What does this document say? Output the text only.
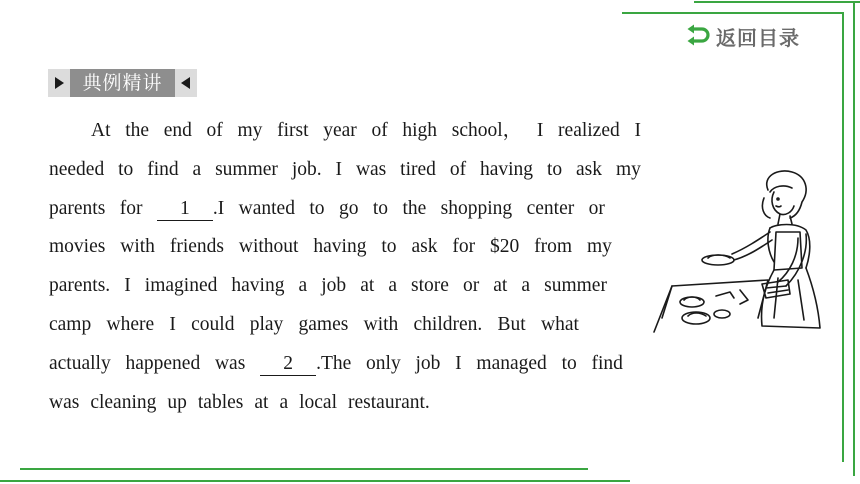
返回目录
典例精讲
At the end of my first year of high school， I realized I
needed to find a summer job. I was tired of having to ask my
parents for	1 .I wanted to go to the shopping center or
movies with friends without having to ask for $20 from my
parents. I imagined having a job at a store or at a summer
camp where I could play games with children. But what
actually happened was	2 .The only job I managed to find
was cleaning up tables at a local restaurant.
